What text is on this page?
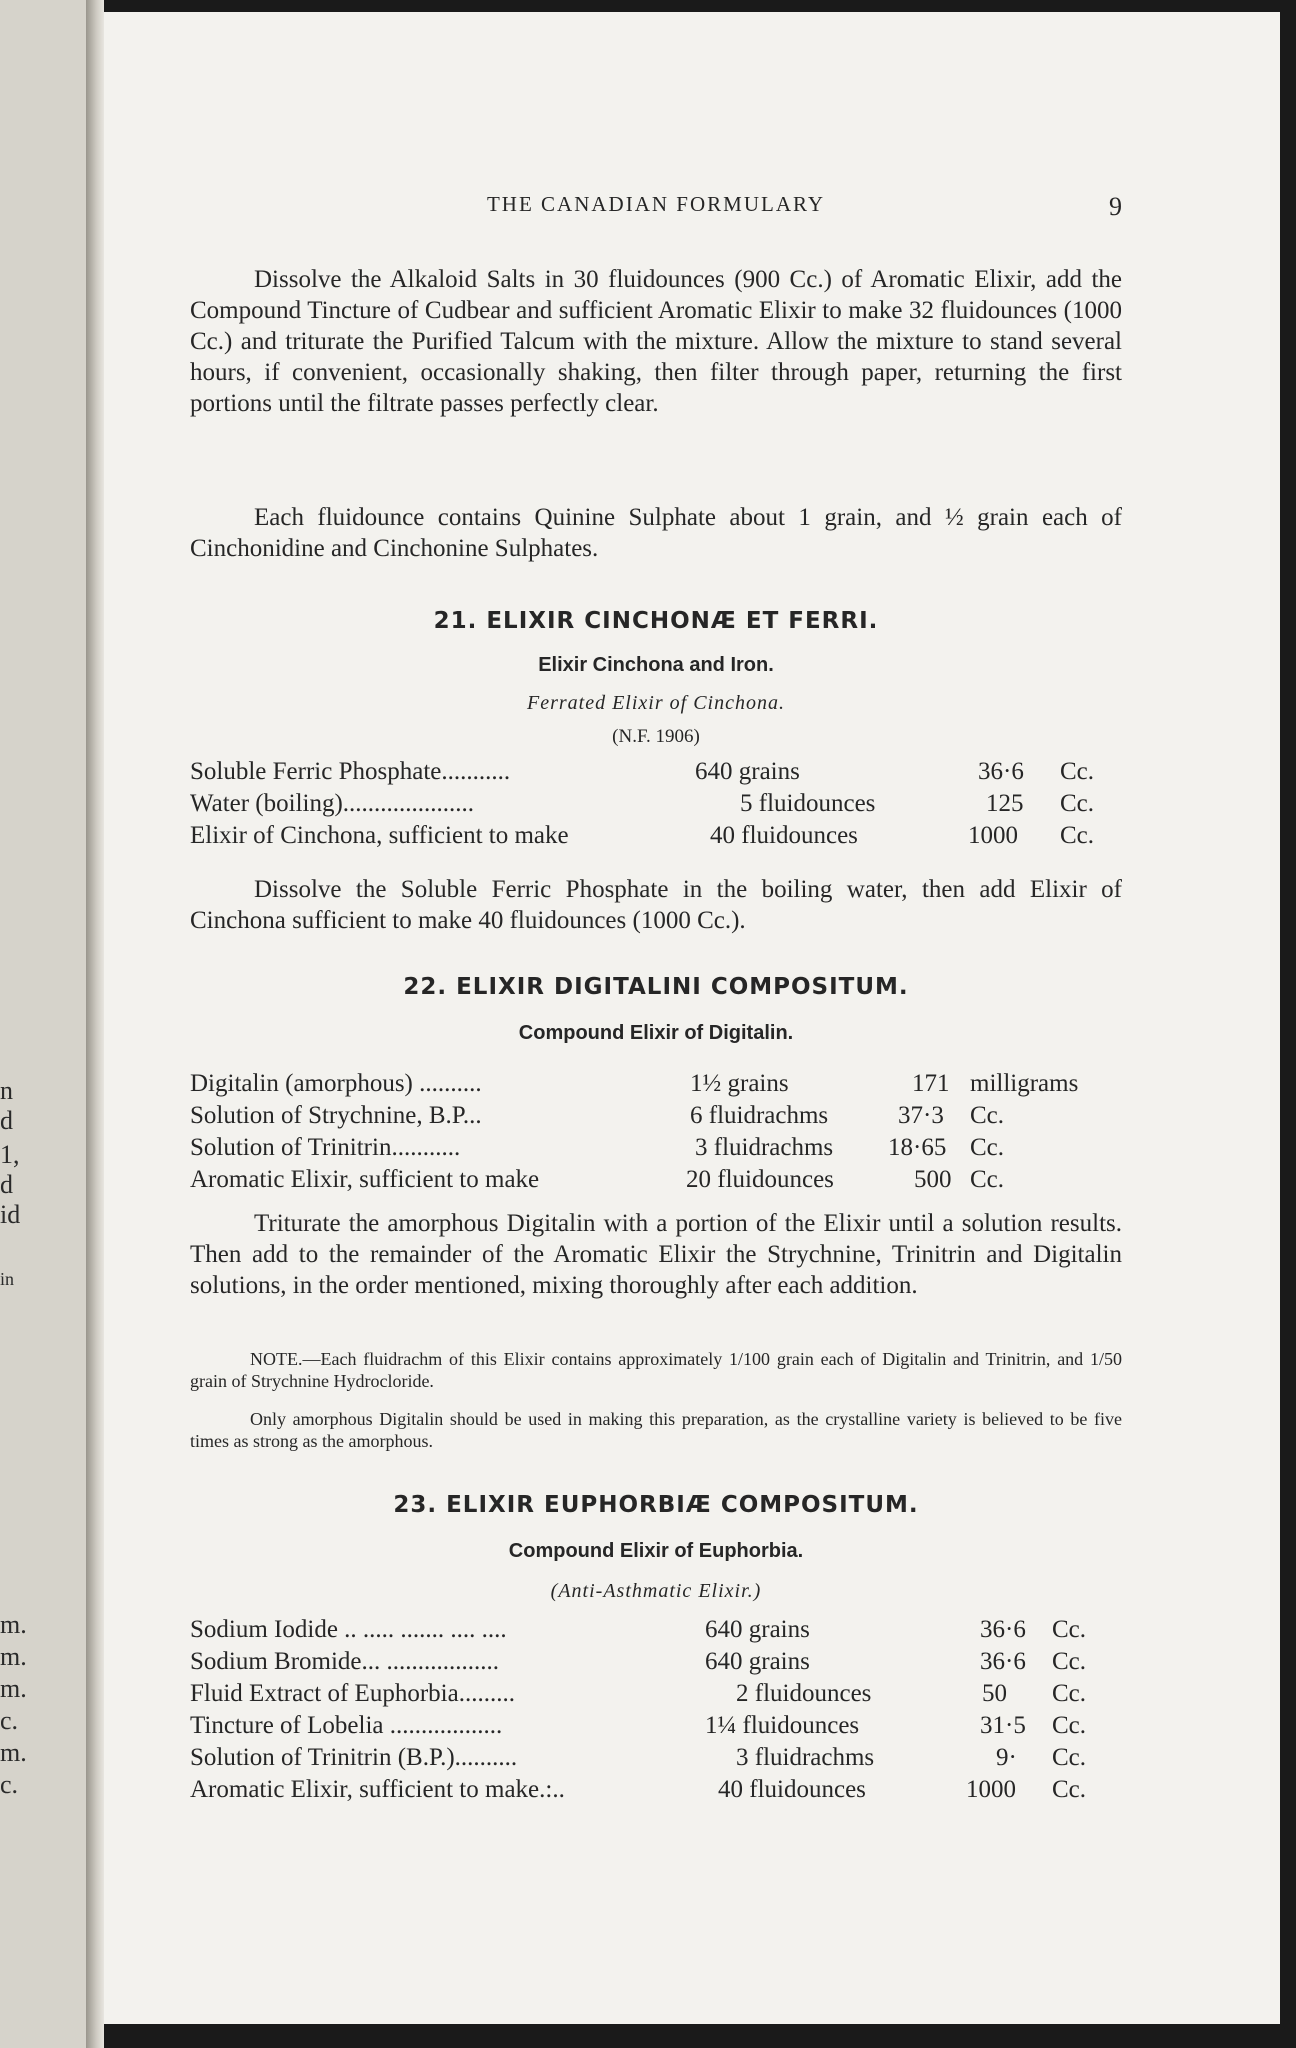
n
d
1,
d
id
in
m.
m.
m.
c.
m.
c.
THE CANADIAN FORMULARY	9

Dissolve the Alkaloid Salts in 30 fluidounces (900 Cc.) of Aromatic Elixir, add the Compound Tincture of Cudbear and sufficient Aromatic Elixir to make 32 fluidounces (1000 Cc.) and triturate the Purified Talcum with the mixture. Allow the mixture to stand several hours, if convenient, occasionally shaking, then filter through paper, returning the first portions until the filtrate passes perfectly clear.

Each fluidounce contains Quinine Sulphate about 1 grain, and ½ grain each of Cinchonidine and Cinchonine Sulphates.

21. ELIXIR CINCHONÆ ET FERRI.
Elixir Cinchona and Iron.
Ferrated Elixir of Cinchona.
(N.F. 1906)
Soluble Ferric Phosphate...........	640 grains	36·6 Cc.
Water (boiling).....................	5 fluidounces	125 Cc.
Elixir of Cinchona, sufficient to make	40 fluidounces	1000 Cc.

Dissolve the Soluble Ferric Phosphate in the boiling water, then add Elixir of Cinchona sufficient to make 40 fluidounces (1000 Cc.).

22. ELIXIR DIGITALINI COMPOSITUM.
Compound Elixir of Digitalin.
Digitalin (amorphous) ..........	1½ grains	171 milligrams
Solution of Strychnine, B.P...	6 fluidrachms	37·3 Cc.
Solution of Trinitrin...........	3 fluidrachms 18·65 Cc.
Aromatic Elixir, sufficient to make	20 fluidounces	500 Cc.

Triturate the amorphous Digitalin with a portion of the Elixir until a solution results. Then add to the remainder of the Aromatic Elixir the Strychnine, Trinitrin and Digitalin solutions, in the order mentioned, mixing thoroughly after each addition.

NOTE.—Each fluidrachm of this Elixir contains approximately 1/100 grain each of Digitalin and Trinitrin, and 1/50 grain of Strychnine Hydrocloride.

Only amorphous Digitalin should be used in making this preparation, as the crystalline variety is believed to be five times as strong as the amorphous.

23. ELIXIR EUPHORBIÆ COMPOSITUM.
Compound Elixir of Euphorbia.
(Anti-Asthmatic Elixir.)
Sodium Iodide .. ..... ....... .... ....	640 grains	36·6 Cc.
Sodium Bromide... ..................	640 grains	36·6 Cc.
Fluid Extract of Euphorbia.........	2 fluidounces	50 Cc.
Tincture of Lobelia ..................	1¼ fluidounces	31·5 Cc.
Solution of Trinitrin (B.P.)..........	3 fluidrachms	9· Cc.
Aromatic Elixir, sufficient to make.:..	40 fluidounces	1000 Cc.
